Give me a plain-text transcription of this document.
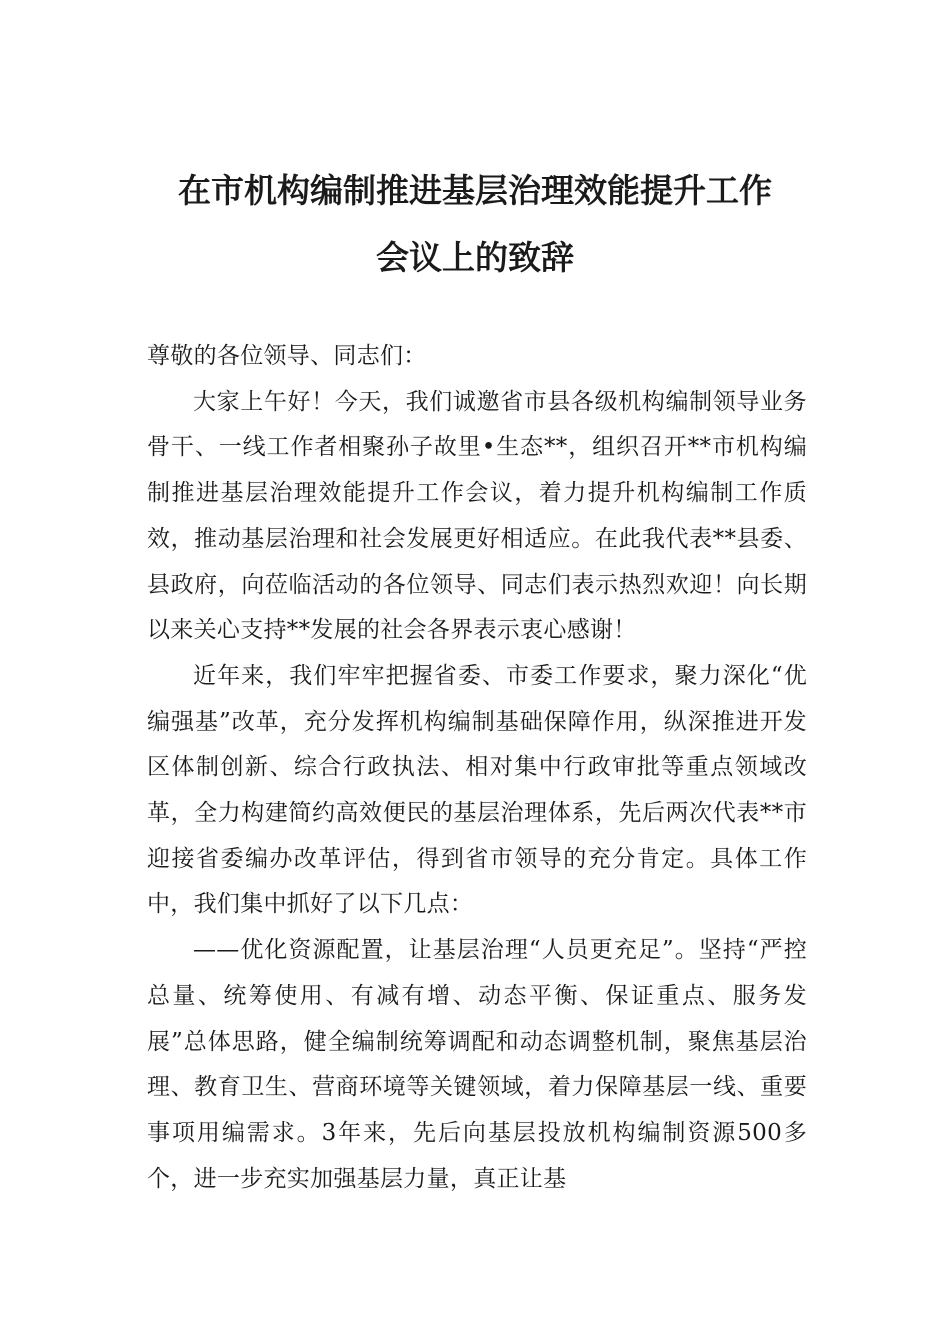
在市机构编制推进基层治理效能提升工作
会议上的致辞

尊敬的各位领导、同志们：

大家上午好！今天，我们诚邀省市县各级机构编制领导业务骨干、一线工作者相聚孙子故里•生态**，组织召开**市机构编制推进基层治理效能提升工作会议，着力提升机构编制工作质效，推动基层治理和社会发展更好相适应。在此我代表**县委、县政府，向莅临活动的各位领导、同志们表示热烈欢迎！向长期以来关心支持**发展的社会各界表示衷心感谢！

近年来，我们牢牢把握省委、市委工作要求，聚力深化“优编强基”改革，充分发挥机构编制基础保障作用，纵深推进开发区体制创新、综合行政执法、相对集中行政审批等重点领域改革，全力构建简约高效便民的基层治理体系，先后两次代表**市迎接省委编办改革评估，得到省市领导的充分肯定。具体工作中，我们集中抓好了以下几点：

——优化资源配置，让基层治理“人员更充足”。坚持“严控总量、统筹使用、有减有增、动态平衡、保证重点、服务发展”总体思路，健全编制统筹调配和动态调整机制，聚焦基层治理、教育卫生、营商环境等关键领域，着力保障基层一线、重要事项用编需求。3年来，先后向基层投放机构编制资源500多个，进一步充实加强基层力量，真正让基
